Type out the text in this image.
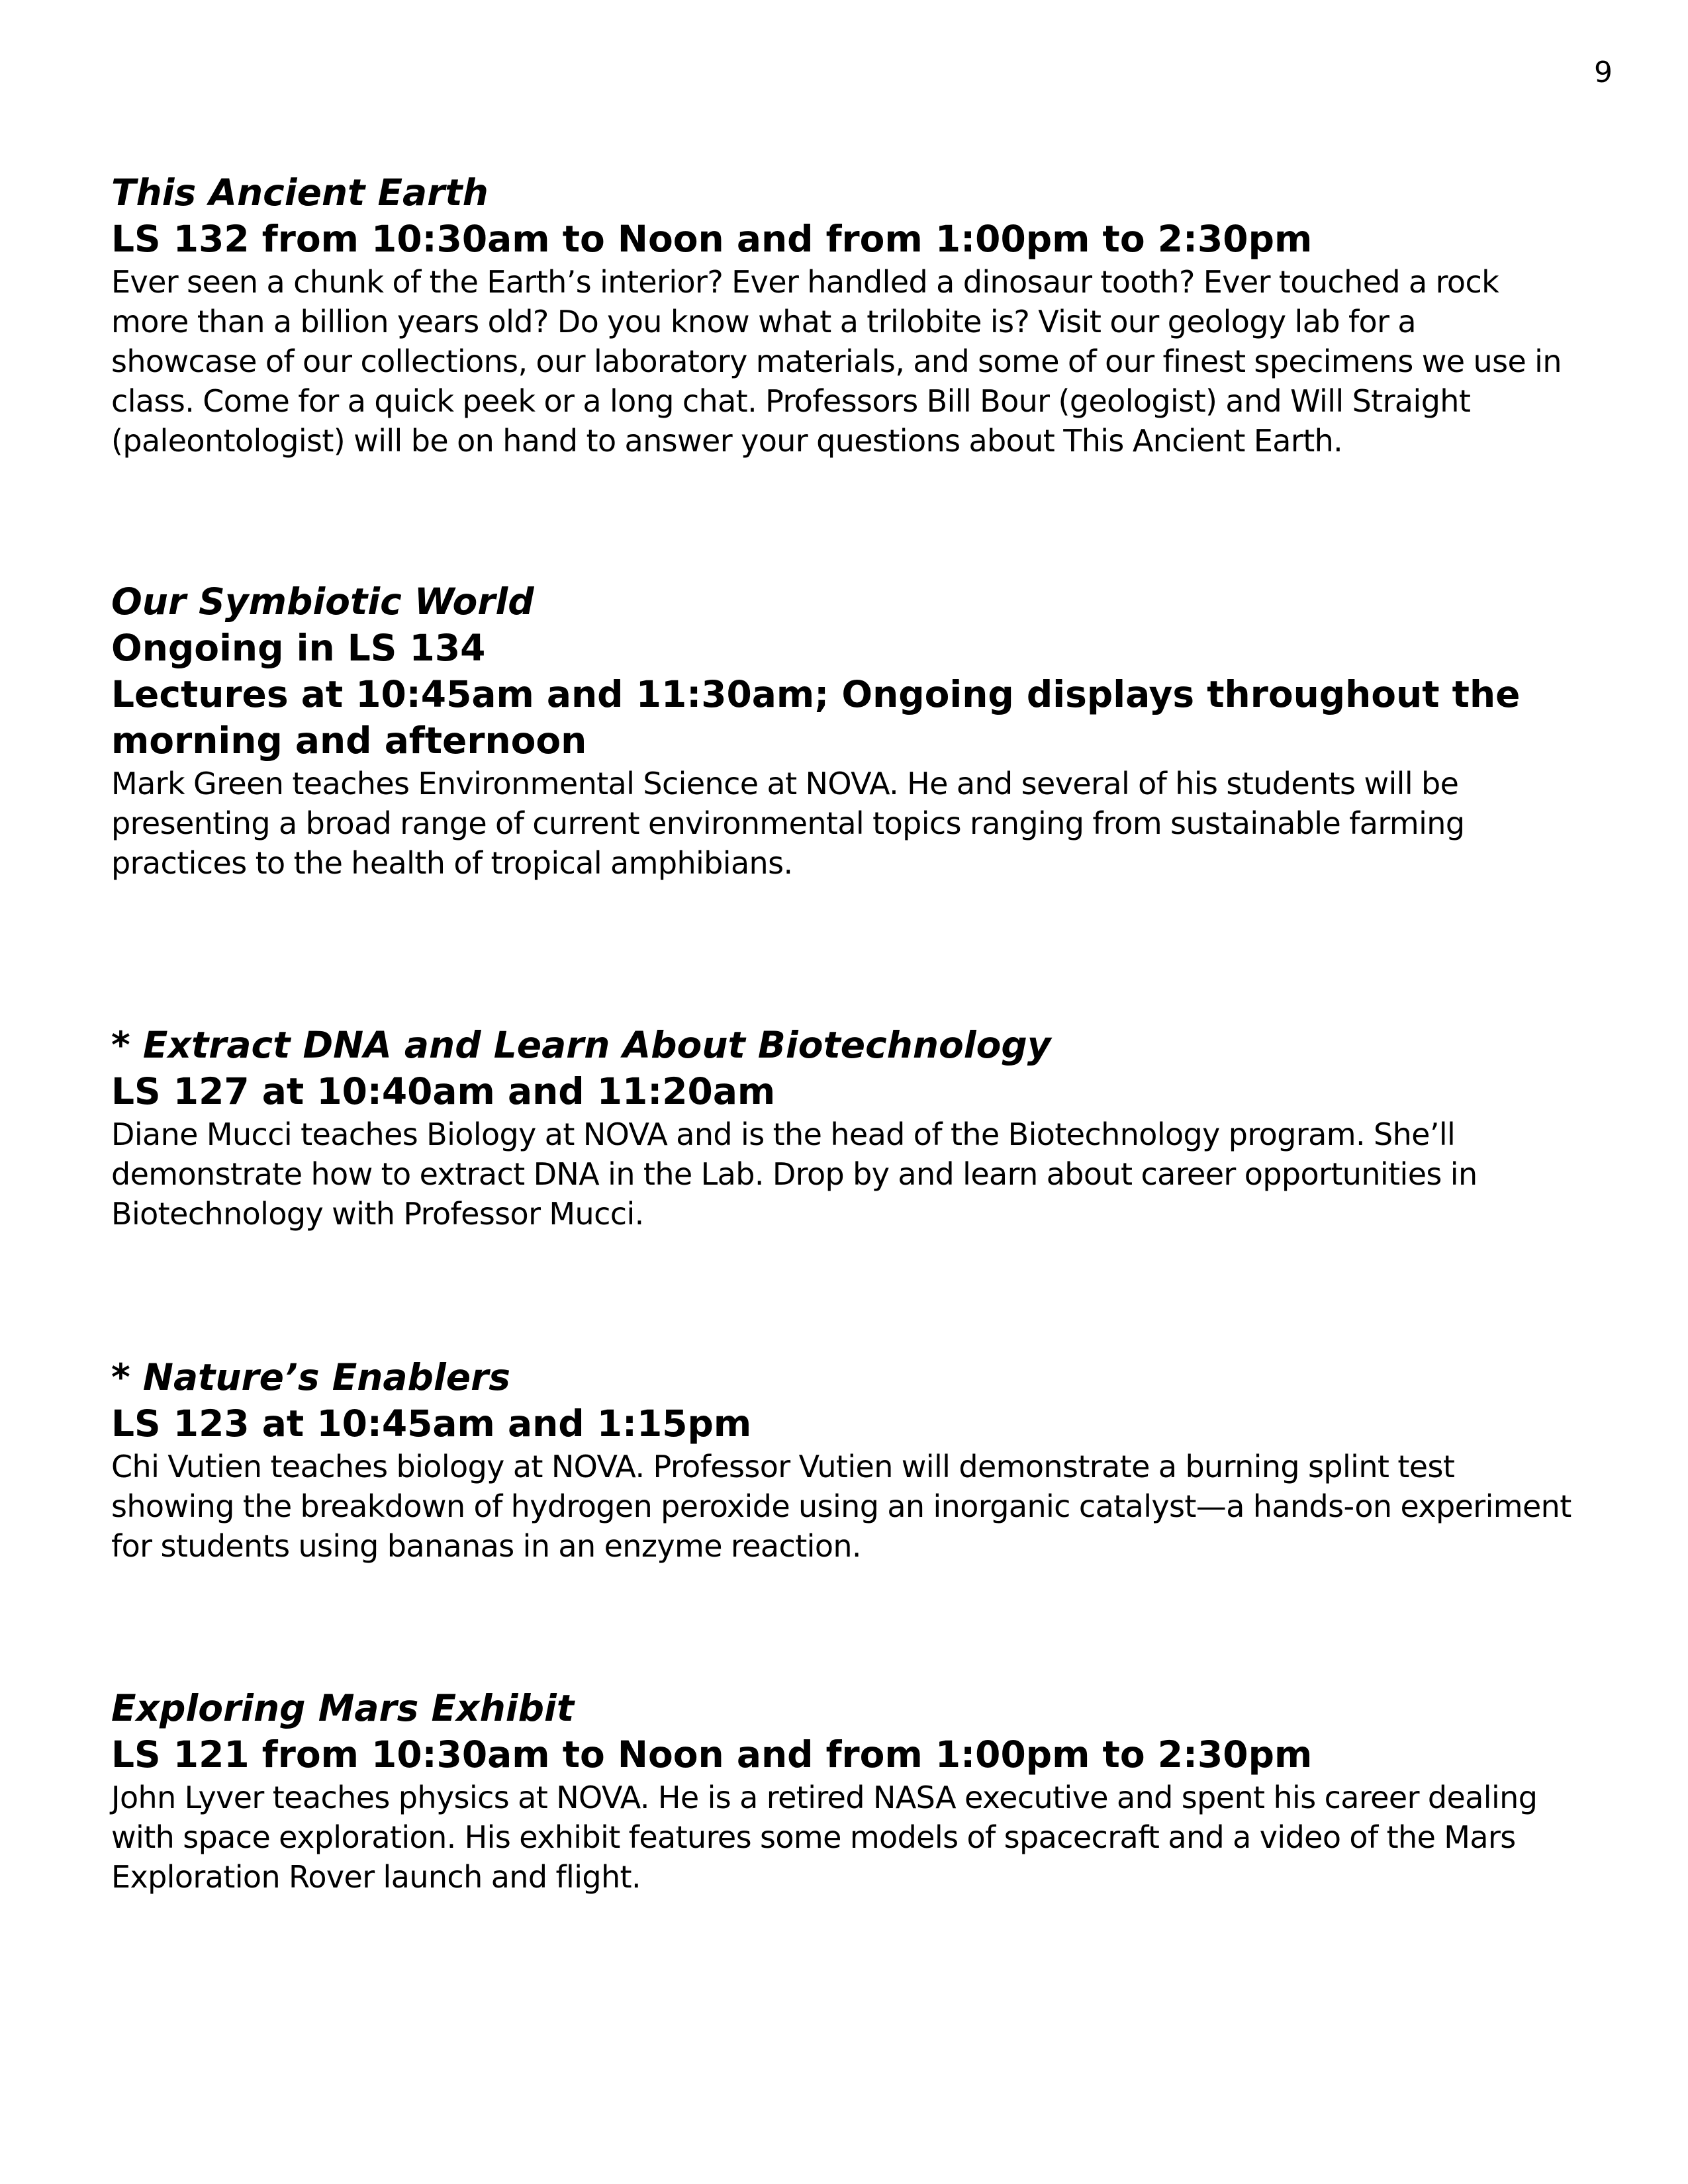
9
This Ancient Earth
LS 132 from 10:30am to Noon and from 1:00pm to 2:30pm
Ever seen a chunk of the Earth’s interior? Ever handled a dinosaur tooth? Ever touched a rock
more than a billion years old? Do you know what a trilobite is? Visit our geology lab for a
showcase of our collections, our laboratory materials, and some of our finest specimens we use in
class. Come for a quick peek or a long chat. Professors Bill Bour (geologist) and Will Straight
(paleontologist) will be on hand to answer your questions about This Ancient Earth.
Our Symbiotic World
Ongoing in LS 134
Lectures at 10:45am and 11:30am; Ongoing displays throughout the
morning and afternoon
Mark Green teaches Environmental Science at NOVA. He and several of his students will be
presenting a broad range of current environmental topics ranging from sustainable farming
practices to the health of tropical amphibians.
* Extract DNA and Learn About Biotechnology
LS 127 at 10:40am and 11:20am
Diane Mucci teaches Biology at NOVA and is the head of the Biotechnology program. She’ll
demonstrate how to extract DNA in the Lab. Drop by and learn about career opportunities in
Biotechnology with Professor Mucci.
* Nature’s Enablers
LS 123 at 10:45am and 1:15pm
Chi Vutien teaches biology at NOVA. Professor Vutien will demonstrate a burning splint test
showing the breakdown of hydrogen peroxide using an inorganic catalyst—a hands-on experiment
for students using bananas in an enzyme reaction.
Exploring Mars Exhibit
LS 121 from 10:30am to Noon and from 1:00pm to 2:30pm
John Lyver teaches physics at NOVA. He is a retired NASA executive and spent his career dealing
with space exploration. His exhibit features some models of spacecraft and a video of the Mars
Exploration Rover launch and flight.
